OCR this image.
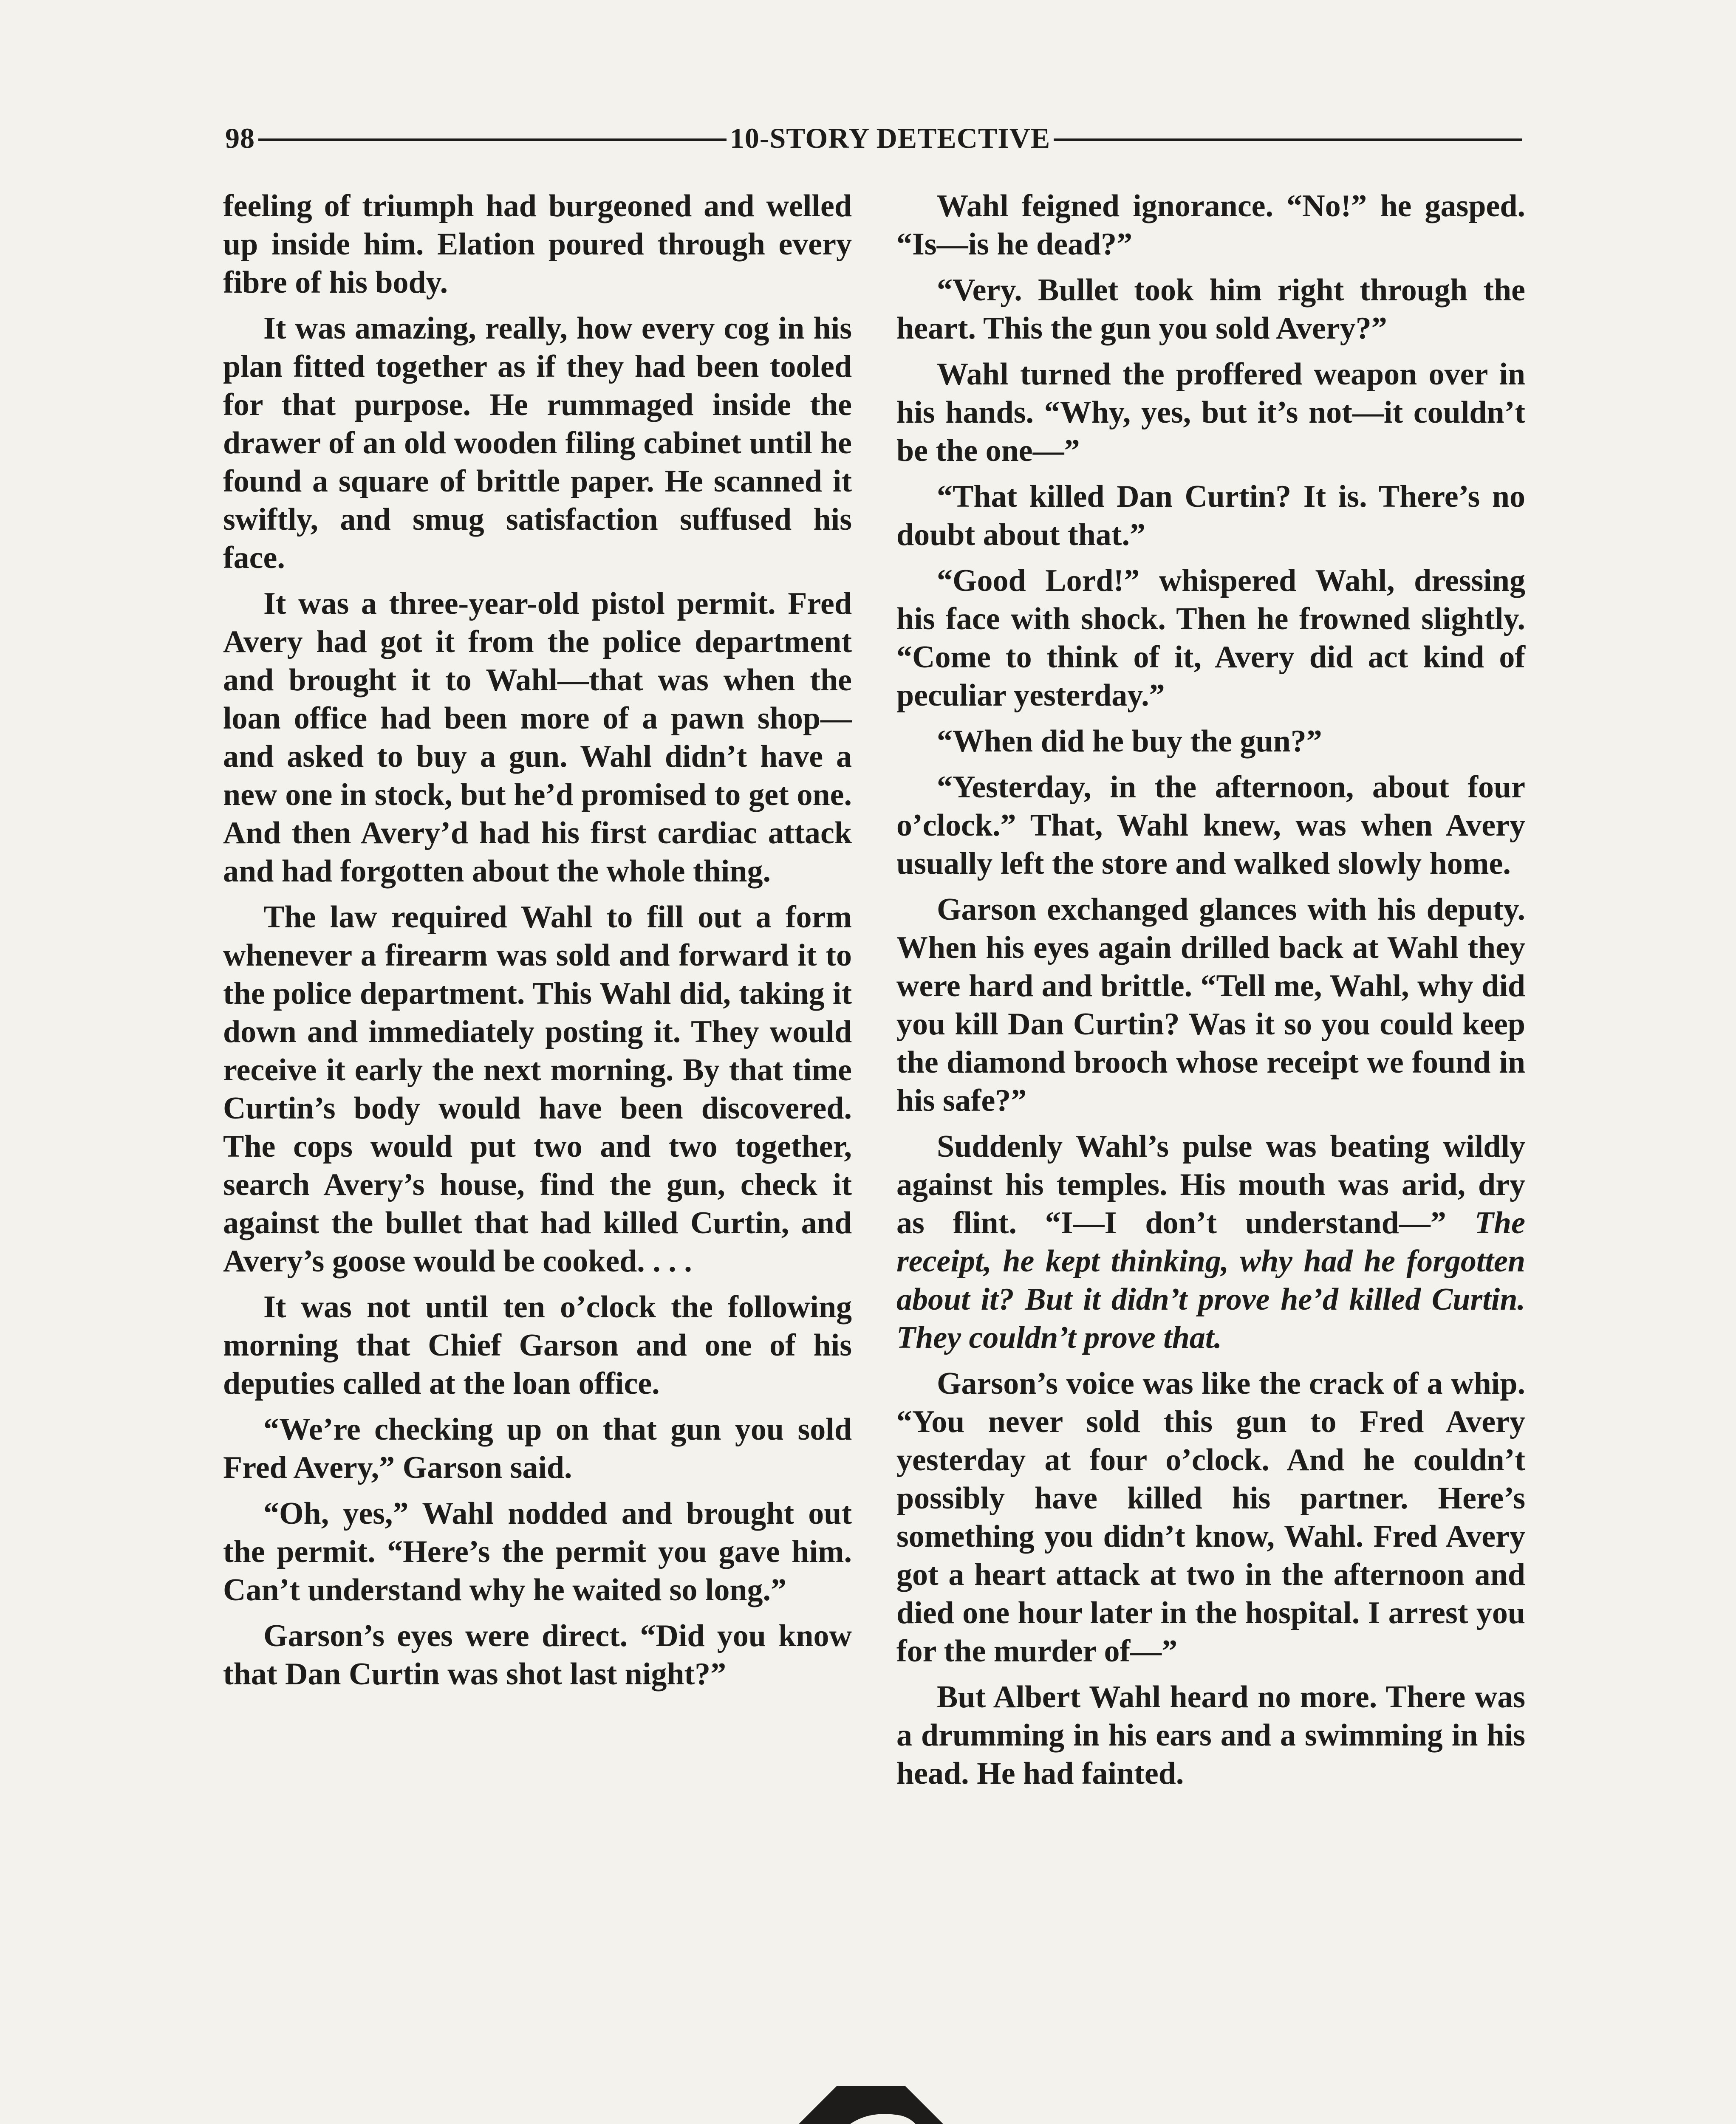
98	10-STORY DETECTIVE

feeling of triumph had burgeoned and welled up inside him. Elation poured through every fibre of his body.

It was amazing, really, how every cog in his plan fitted together as if they had been tooled for that purpose. He rummaged inside the drawer of an old wooden filing cabinet until he found a square of brittle paper. He scanned it swiftly, and smug satisfaction suffused his face.

It was a three-year-old pistol permit. Fred Avery had got it from the police department and brought it to Wahl—that was when the loan office had been more of a pawn shop—and asked to buy a gun. Wahl didn’t have a new one in stock, but he’d promised to get one. And then Avery’d had his first cardiac attack and had forgotten about the whole thing.

The law required Wahl to fill out a form whenever a firearm was sold and forward it to the police department. This Wahl did, taking it down and immediately posting it. They would receive it early the next morning. By that time Curtin’s body would have been discovered. The cops would put two and two together, search Avery’s house, find the gun, check it against the bullet that had killed Curtin, and Avery’s goose would be cooked. . . .

It was not until ten o’clock the following morning that Chief Garson and one of his deputies called at the loan office.

“We’re checking up on that gun you sold Fred Avery,” Garson said.

“Oh, yes,” Wahl nodded and brought out the permit. “Here’s the permit you gave him. Can’t understand why he waited so long.”

Garson’s eyes were direct. “Did you know that Dan Curtin was shot last night?”

Wahl feigned ignorance. “No!” he gasped. “Is—is he dead?”

“Very. Bullet took him right through the heart. This the gun you sold Avery?”

Wahl turned the proffered weapon over in his hands. “Why, yes, but it’s not—it couldn’t be the one—”

“That killed Dan Curtin? It is. There’s no doubt about that.”

“Good Lord!” whispered Wahl, dressing his face with shock. Then he frowned slightly. “Come to think of it, Avery did act kind of peculiar yesterday.”

“When did he buy the gun?”

“Yesterday, in the afternoon, about four o’clock.” That, Wahl knew, was when Avery usually left the store and walked slowly home.

Garson exchanged glances with his deputy. When his eyes again drilled back at Wahl they were hard and brittle. “Tell me, Wahl, why did you kill Dan Curtin? Was it so you could keep the diamond brooch whose receipt we found in his safe?”

Suddenly Wahl’s pulse was beating wildly against his temples. His mouth was arid, dry as flint. “I—I don’t understand—” The receipt, he kept thinking, why had he forgotten about it? But it didn’t prove he’d killed Curtin. They couldn’t prove that.

Garson’s voice was like the crack of a whip. “You never sold this gun to Fred Avery yesterday at four o’clock. And he couldn’t possibly have killed his partner. Here’s something you didn’t know, Wahl. Fred Avery got a heart attack at two in the afternoon and died one hour later in the hospital. I arrest you for the murder of—”

But Albert Wahl heard no more. There was a drumming in his ears and a swimming in his head. He had fainted.
